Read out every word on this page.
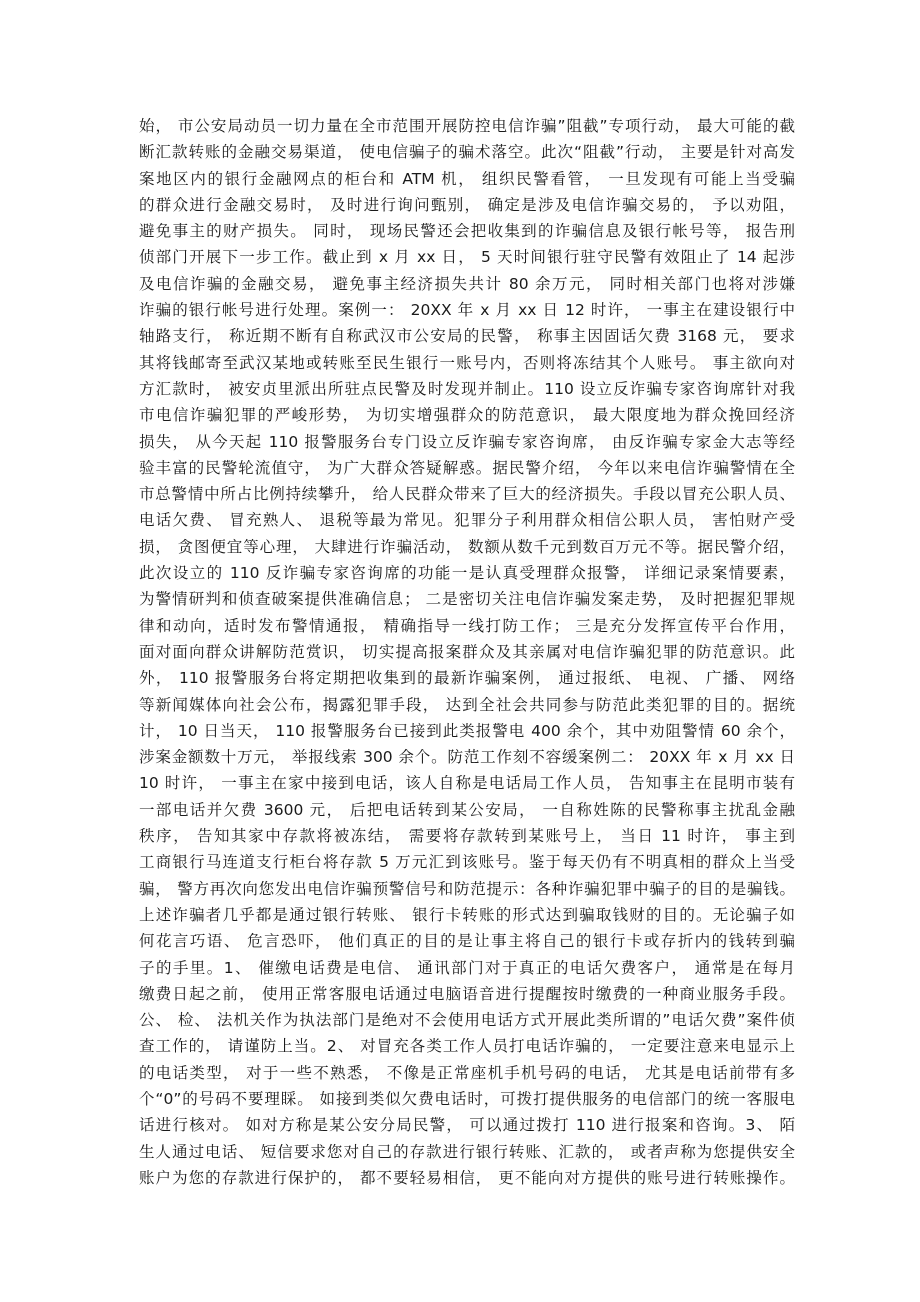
始， 市公安局动员一切力量在全市范围开展防控电信诈骗”阻截”专项行动， 最大可能的截
断汇款转账的金融交易渠道， 使电信骗子的骗术落空。此次“阻截”行动， 主要是针对高发
案地区内的银行金融网点的柜台和 ATM 机， 组织民警看管， 一旦发现有可能上当受骗
的群众进行金融交易时， 及时进行询问甄别， 确定是涉及电信诈骗交易的， 予以劝阻，
避免事主的财产损失。 同时， 现场民警还会把收集到的诈骗信息及银行帐号等， 报告刑
侦部门开展下一步工作。截止到 x 月 xx 日， 5 天时间银行驻守民警有效阻止了 14 起涉
及电信诈骗的金融交易， 避免事主经济损失共计 80 余万元， 同时相关部门也将对涉嫌
诈骗的银行帐号进行处理。案例一： 20XX 年 x 月 xx 日 12 时许， 一事主在建设银行中
轴路支行， 称近期不断有自称武汉市公安局的民警， 称事主因固话欠费 3168 元， 要求
其将钱邮寄至武汉某地或转账至民生银行一账号内，否则将冻结其个人账号。 事主欲向对
方汇款时， 被安贞里派出所驻点民警及时发现并制止。110 设立反诈骗专家咨询席针对我
市电信诈骗犯罪的严峻形势， 为切实增强群众的防范意识， 最大限度地为群众挽回经济
损失， 从今天起 110 报警服务台专门设立反诈骗专家咨询席， 由反诈骗专家金大志等经
验丰富的民警轮流值守， 为广大群众答疑解惑。据民警介绍， 今年以来电信诈骗警情在全
市总警情中所占比例持续攀升， 给人民群众带来了巨大的经济损失。手段以冒充公职人员、
电话欠费、 冒充熟人、 退税等最为常见。犯罪分子利用群众相信公职人员， 害怕财产受
损， 贪图便宜等心理， 大肆进行诈骗活动， 数额从数千元到数百万元不等。据民警介绍，
此次设立的 110 反诈骗专家咨询席的功能一是认真受理群众报警， 详细记录案情要素，
为警情研判和侦查破案提供准确信息； 二是密切关注电信诈骗发案走势， 及时把握犯罪规
律和动向，适时发布警情通报， 精确指导一线打防工作； 三是充分发挥宣传平台作用，
面对面向群众讲解防范赏识， 切实提高报案群众及其亲属对电信诈骗犯罪的防范意识。此
外， 110 报警服务台将定期把收集到的最新诈骗案例， 通过报纸、 电视、 广播、 网络
等新闻媒体向社会公布，揭露犯罪手段， 达到全社会共同参与防范此类犯罪的目的。据统
计， 10 日当天， 110 报警服务台已接到此类报警电 400 余个，其中劝阻警情 60 余个，
涉案金额数十万元， 举报线索 300 余个。防范工作刻不容缓案例二： 20XX 年 x 月 xx 日
10 时许， 一事主在家中接到电话，该人自称是电话局工作人员， 告知事主在昆明市装有
一部电话并欠费 3600 元， 后把电话转到某公安局， 一自称姓陈的民警称事主扰乱金融
秩序， 告知其家中存款将被冻结， 需要将存款转到某账号上， 当日 11 时许， 事主到
工商银行马连道支行柜台将存款 5 万元汇到该账号。鉴于每天仍有不明真相的群众上当受
骗， 警方再次向您发出电信诈骗预警信号和防范提示：各种诈骗犯罪中骗子的目的是骗钱。
上述诈骗者几乎都是通过银行转账、 银行卡转账的形式达到骗取钱财的目的。无论骗子如
何花言巧语、 危言恐吓， 他们真正的目的是让事主将自己的银行卡或存折内的钱转到骗
子的手里。1、 催缴电话费是电信、 通讯部门对于真正的电话欠费客户， 通常是在每月
缴费日起之前， 使用正常客服电话通过电脑语音进行提醒按时缴费的一种商业服务手段。
公、 检、 法机关作为执法部门是绝对不会使用电话方式开展此类所谓的”电话欠费”案件侦
查工作的， 请谨防上当。2、 对冒充各类工作人员打电话诈骗的， 一定要注意来电显示上
的电话类型， 对于一些不熟悉， 不像是正常座机手机号码的电话， 尤其是电话前带有多
个“0”的号码不要理睬。 如接到类似欠费电话时，可拨打提供服务的电信部门的统一客服电
话进行核对。 如对方称是某公安分局民警， 可以通过拨打 110 进行报案和咨询。3、 陌
生人通过电话、 短信要求您对自己的存款进行银行转账、汇款的， 或者声称为您提供安全
账户为您的存款进行保护的， 都不要轻易相信， 更不能向对方提供的账号进行转账操作。
